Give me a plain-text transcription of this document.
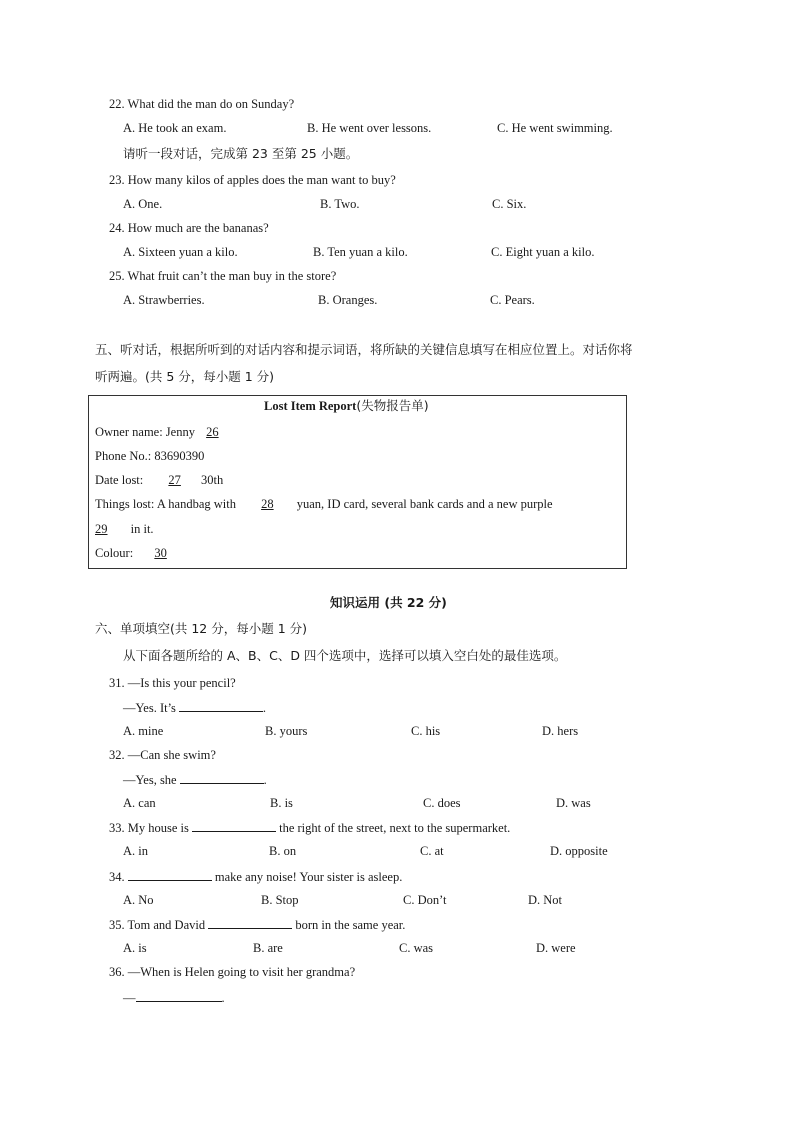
22. What did the man do on Sunday?
A. He took an exam.	B. He went over lessons.	C. He went swimming.
请听一段对话，完成第 23 至第 25 小题。
23. How many kilos of apples does the man want to buy?
A. One.	B. Two.	C. Six.
24. How much are the bananas?
A. Sixteen yuan a kilo.	B. Ten yuan a kilo.	C. Eight yuan a kilo.
25. What fruit can’t the man buy in the store?
A. Strawberries.	B. Oranges.	C. Pears.
五、听对话，根据所听到的对话内容和提示词语，将所缺的关键信息填写在相应位置上。对话你将
听两遍。(共 5 分，每小题 1 分)
Lost Item Report(失物报告单)
Owner name: Jenny 26
Phone No.: 83690390
Date lost: 27 30th
Things lost: A handbag with 28 yuan, ID card, several bank cards and a new purple
29 in it.
Colour: 30
知识运用 (共 22 分)
六、单项填空(共 12 分，每小题 1 分)
从下面各题所给的 A、B、C、D 四个选项中，选择可以填入空白处的最佳选项。
31. —Is this your pencil?
—Yes. It’s	.
A. mine	B. yours	C. his	D. hers
32. —Can she swim?
—Yes, she	.
A. can	B. is	C. does	D. was
33. My house is	the right of the street, next to the supermarket.
A. in	B. on	C. at	D. opposite
34.	make any noise! Your sister is asleep.
A. No	B. Stop	C. Don’t	D. Not
35. Tom and David	born in the same year.
A. is	B. are	C. was	D. were
36. —When is Helen going to visit her grandma?
—	.
